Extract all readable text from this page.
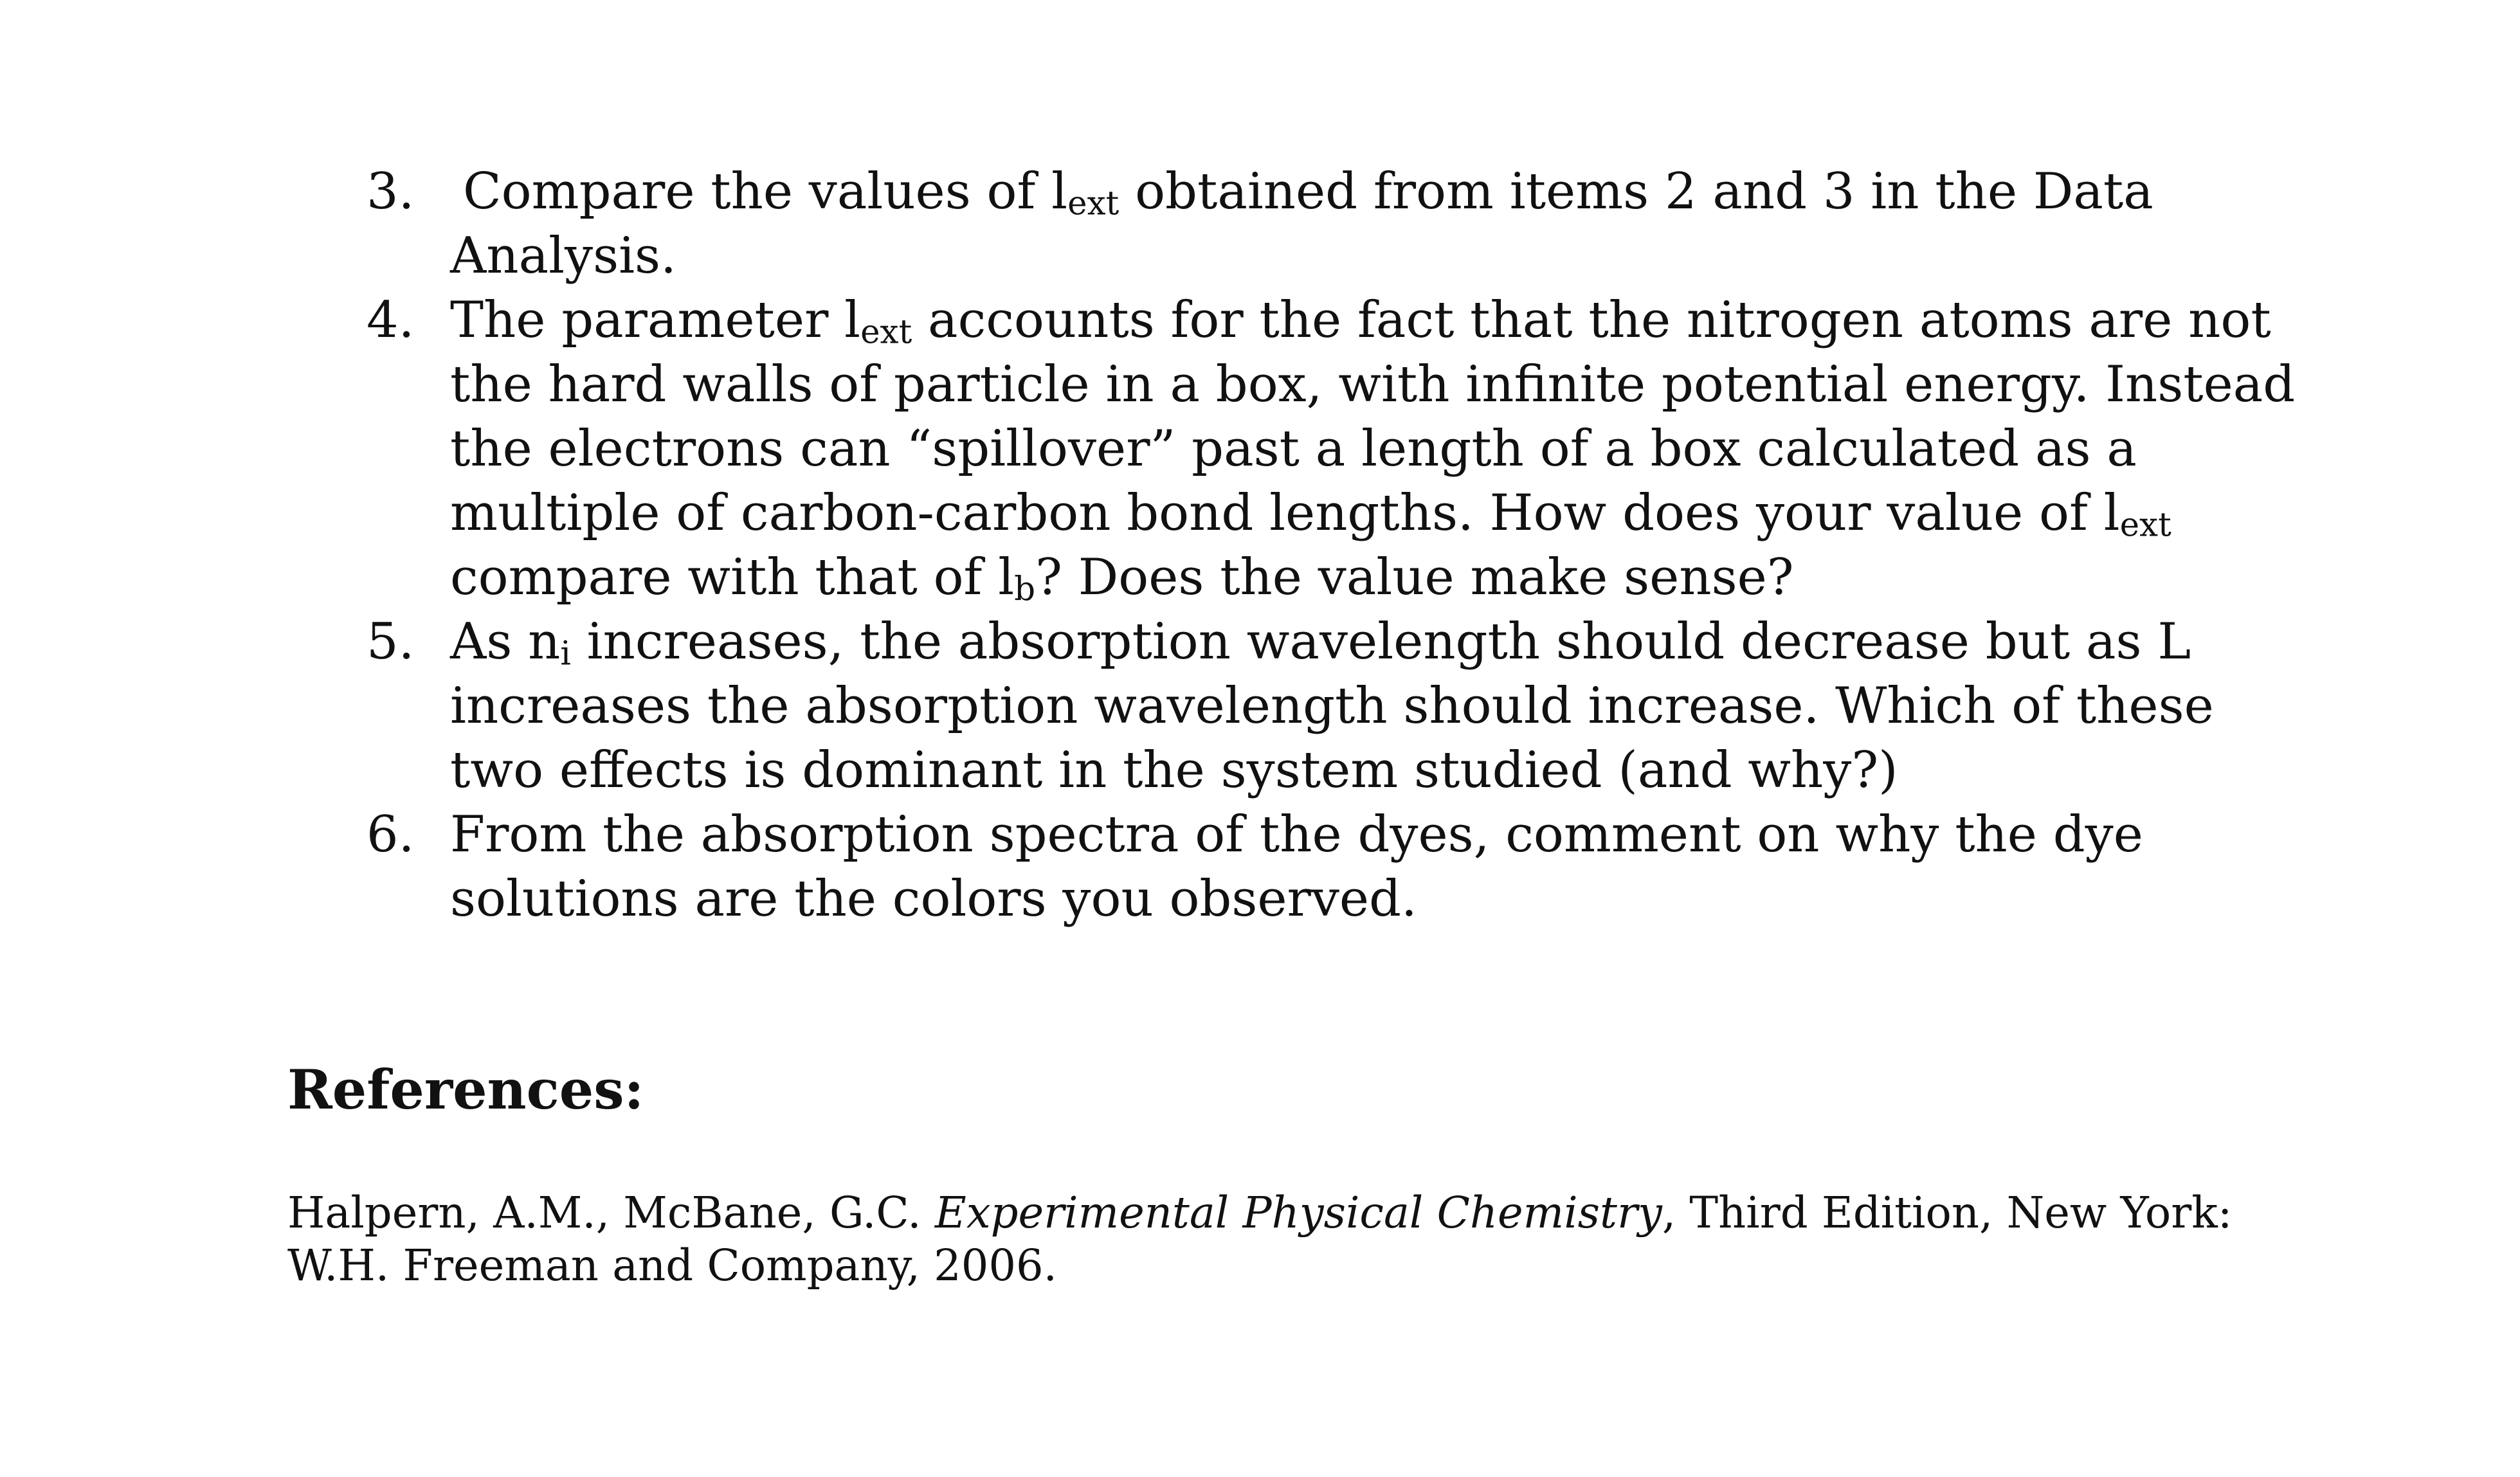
3. Compare the values of $l_{ext}$ obtained from items 2 and 3 in the Data Analysis.
4. The parameter $l_{ext}$ accounts for the fact that the nitrogen atoms are not the hard walls of particle in a box, with infinite potential energy. Instead the electrons can “spillover” past a length of a box calculated as a multiple of carbon-carbon bond lengths. How does your value of $l_{ext}$ compare with that of $l_b$? Does the value make sense?
5. As $n_i$ increases, the absorption wavelength should decrease but as L increases the absorption wavelength should increase. Which of these two effects is dominant in the system studied (and why?)
6. From the absorption spectra of the dyes, comment on why the dye solutions are the colors you observed.
References:

Halpern, A.M., McBane, G.C. Experimental Physical Chemistry, Third Edition, New York: W.H. Freeman and Company, 2006.
